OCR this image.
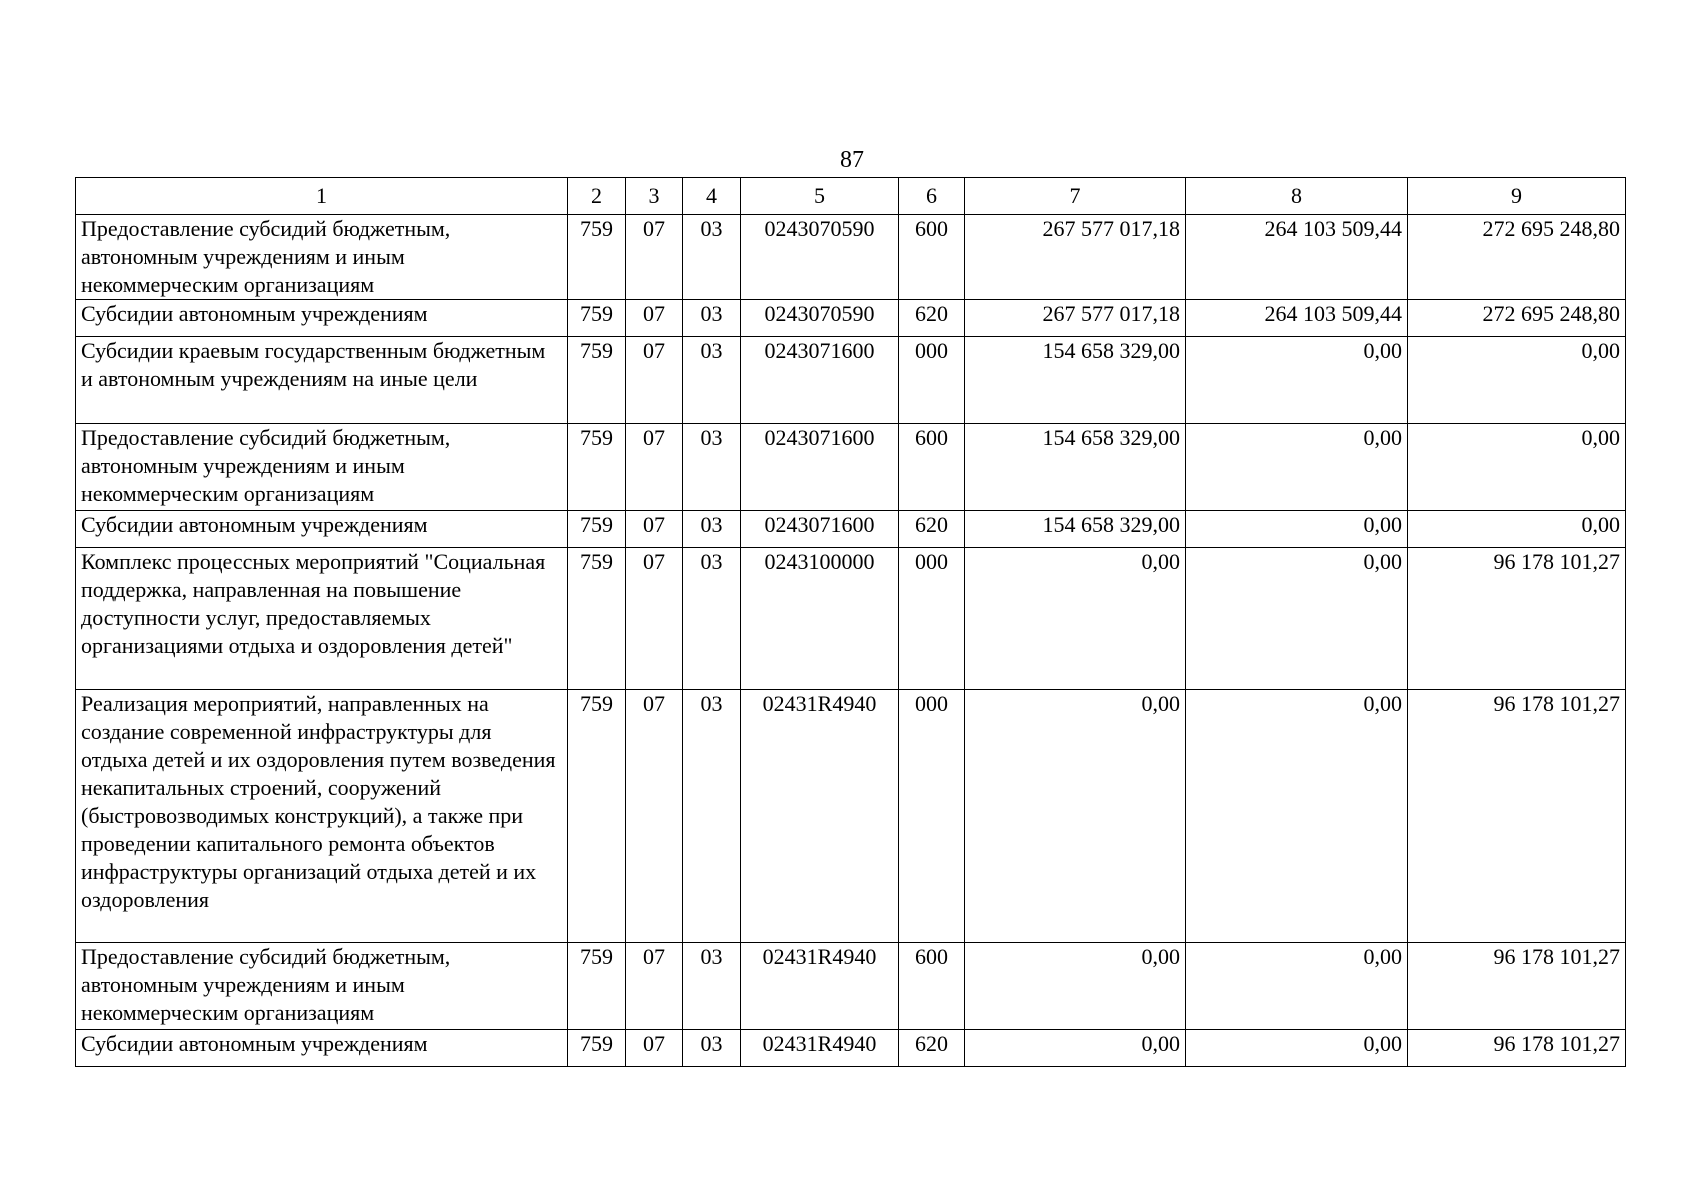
87
1	2	3	4	5	6	7	8	9
Предоставление субсидий бюджетным, автономным учреждениям и иным некоммерческим организациям	759	07	03	0243070590	600	267 577 017,18	264 103 509,44	272 695 248,80
Субсидии автономным учреждениям	759	07	03	0243070590	620	267 577 017,18	264 103 509,44	272 695 248,80
Субсидии краевым государственным бюджетным и автономным учреждениям на иные цели	759	07	03	0243071600	000	154 658 329,00	0,00	0,00
Предоставление субсидий бюджетным, автономным учреждениям и иным некоммерческим организациям	759	07	03	0243071600	600	154 658 329,00	0,00	0,00
Субсидии автономным учреждениям	759	07	03	0243071600	620	154 658 329,00	0,00	0,00
Комплекс процессных мероприятий "Социальная поддержка, направленная на повышение доступности услуг, предоставляемых организациями отдыха и оздоровления детей"	759	07	03	0243100000	000	0,00	0,00	96 178 101,27
Реализация мероприятий, направленных на создание современной инфраструктуры для отдыха детей и их оздоровления путем возведения некапитальных строений, сооружений (быстровозводимых конструкций), а также при проведении капитального ремонта объектов инфраструктуры организаций отдыха детей и их оздоровления	759	07	03	02431R4940	000	0,00	0,00	96 178 101,27
Предоставление субсидий бюджетным, автономным учреждениям и иным некоммерческим организациям	759	07	03	02431R4940	600	0,00	0,00	96 178 101,27
Субсидии автономным учреждениям	759	07	03	02431R4940	620	0,00	0,00	96 178 101,27
